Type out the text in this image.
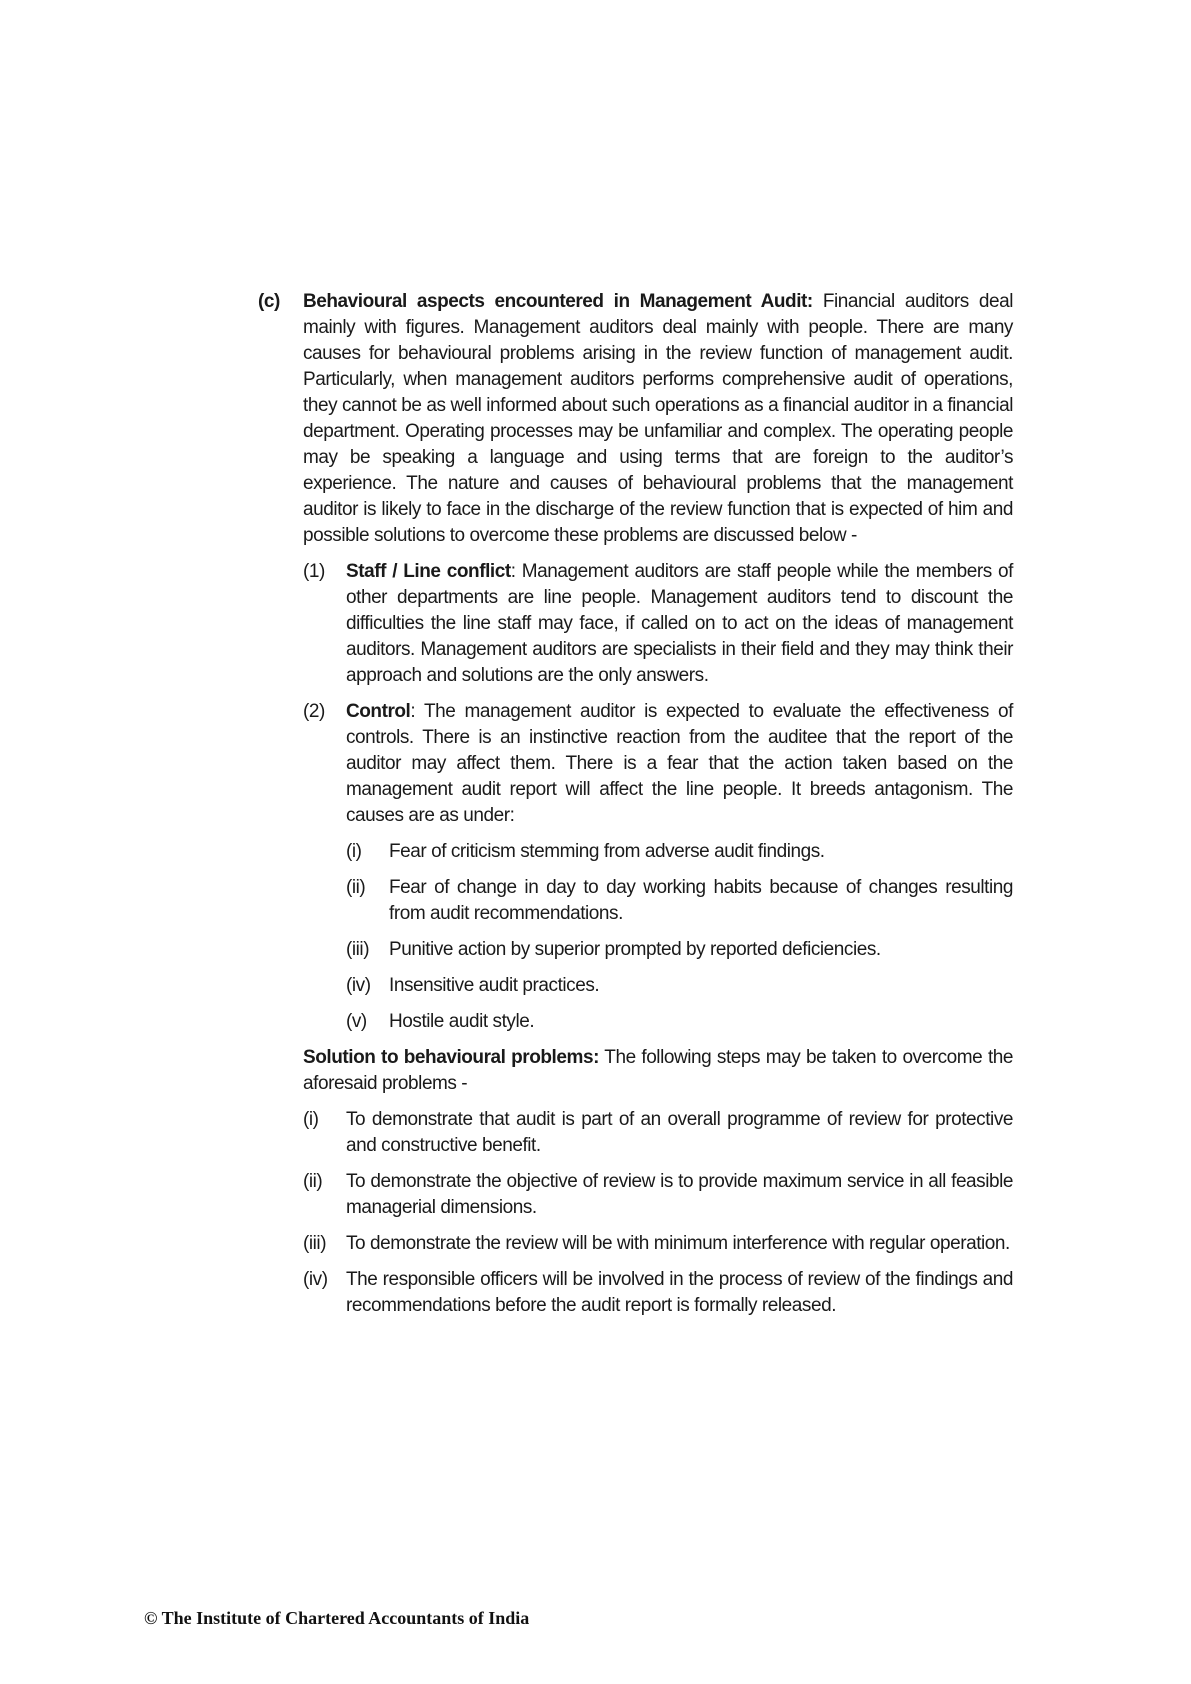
(c)	Behavioural aspects encountered in Management Audit: Financial auditors deal mainly with figures. Management auditors deal mainly with people. There are many causes for behavioural problems arising in the review function of management audit. Particularly, when management auditors performs comprehensive audit of operations, they cannot be as well informed about such operations as a financial auditor in a financial department. Operating processes may be unfamiliar and complex. The operating people may be speaking a language and using terms that are foreign to the auditor’s experience. The nature and causes of behavioural problems that the management auditor is likely to face in the discharge of the review function that is expected of him and possible solutions to overcome these problems are discussed below -
(1)	Staff / Line conflict: Management auditors are staff people while the members of other departments are line people. Management auditors tend to discount the difficulties the line staff may face, if called on to act on the ideas of management auditors. Management auditors are specialists in their field and they may think their approach and solutions are the only answers.
(2)	Control: The management auditor is expected to evaluate the effectiveness of controls. There is an instinctive reaction from the auditee that the report of the auditor may affect them. There is a fear that the action taken based on the management audit report will affect the line people. It breeds antagonism. The causes are as under:
(i)	Fear of criticism stemming from adverse audit findings.
(ii)	Fear of change in day to day working habits because of changes resulting from audit recommendations.
(iii)	Punitive action by superior prompted by reported deficiencies.
(iv) Insensitive audit practices.
(v)	Hostile audit style.
Solution to behavioural problems: The following steps may be taken to overcome the aforesaid problems -
(i)	To demonstrate that audit is part of an overall programme of review for protective and constructive benefit.
(ii)	To demonstrate the objective of review is to provide maximum service in all feasible managerial dimensions.
(iii)	To demonstrate the review will be with minimum interference with regular operation.
(iv) The responsible officers will be involved in the process of review of the findings and recommendations before the audit report is formally released.
© The Institute of Chartered Accountants of India
